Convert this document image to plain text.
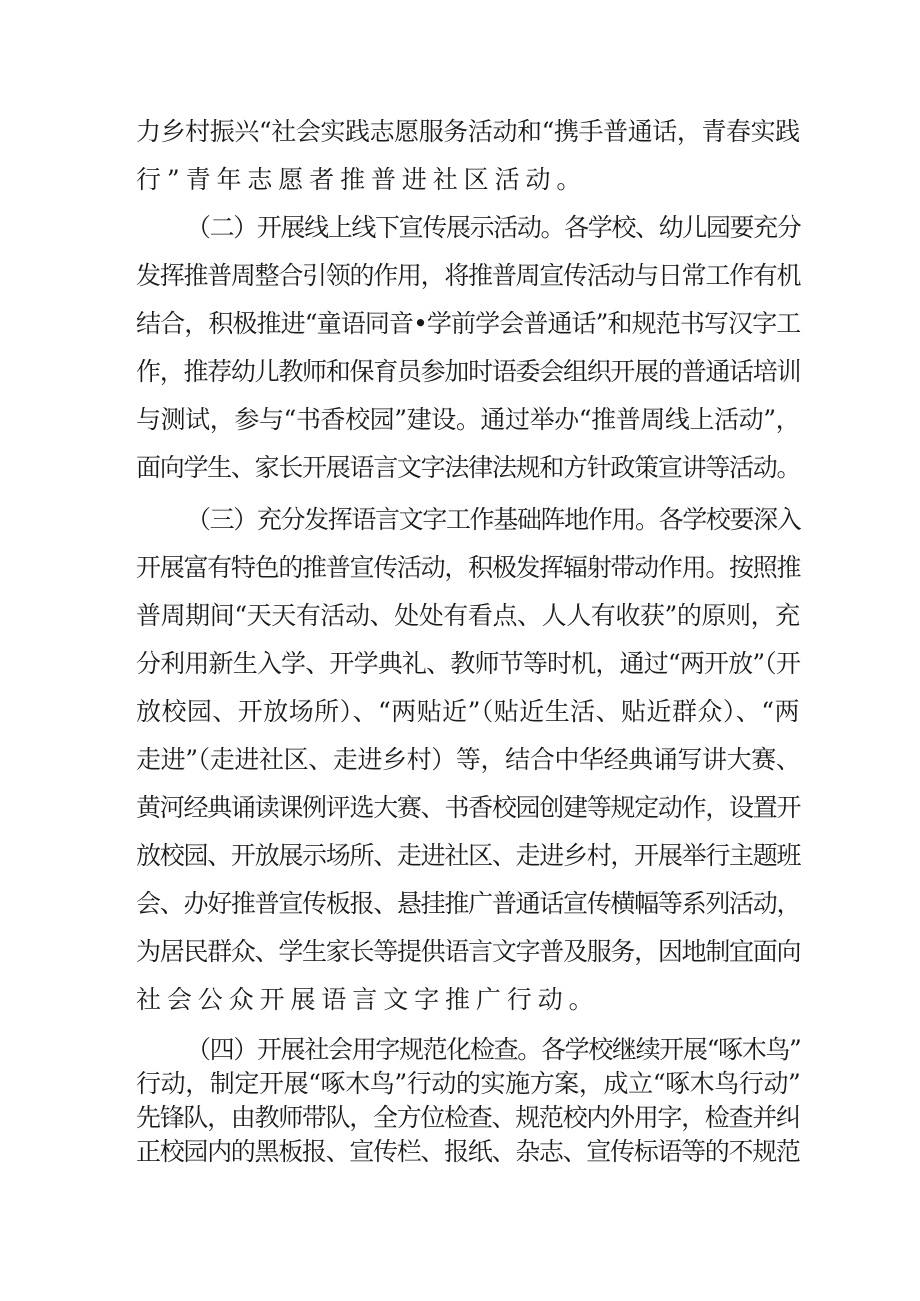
力乡村振兴“社会实践志愿服务活动和“携手普通话，青春实践
行”青年志愿者推普进社区活动。
（二）开展线上线下宣传展示活动。各学校、幼儿园要充分
发挥推普周整合引领的作用，将推普周宣传活动与日常工作有机
结合，积极推进“童语同音•学前学会普通话”和规范书写汉字工
作，推荐幼儿教师和保育员参加时语委会组织开展的普通话培训
与测试，参与“书香校园”建设。通过举办“推普周线上活动”，
面向学生、家长开展语言文字法律法规和方针政策宣讲等活动。
（三）充分发挥语言文字工作基础阵地作用。各学校要深入
开展富有特色的推普宣传活动，积极发挥辐射带动作用。按照推
普周期间“天天有活动、处处有看点、人人有收获”的原则，充
分利用新生入学、开学典礼、教师节等时机，通过“两开放”（开
放校园、开放场所）、“两贴近”（贴近生活、贴近群众）、“两
走进”（走进社区、走进乡村）等，结合中华经典诵写讲大赛、
黄河经典诵读课例评选大赛、书香校园创建等规定动作，设置开
放校园、开放展示场所、走进社区、走进乡村，开展举行主题班
会、办好推普宣传板报、悬挂推广普通话宣传横幅等系列活动，
为居民群众、学生家长等提供语言文字普及服务，因地制宜面向
社会公众开展语言文字推广行动。
（四）开展社会用字规范化检查。各学校继续开展“啄木鸟”
行动，制定开展“啄木鸟”行动的实施方案，成立“啄木鸟行动”
先锋队，由教师带队，全方位检查、规范校内外用字，检查并纠
正校园内的黑板报、宣传栏、报纸、杂志、宣传标语等的不规范
